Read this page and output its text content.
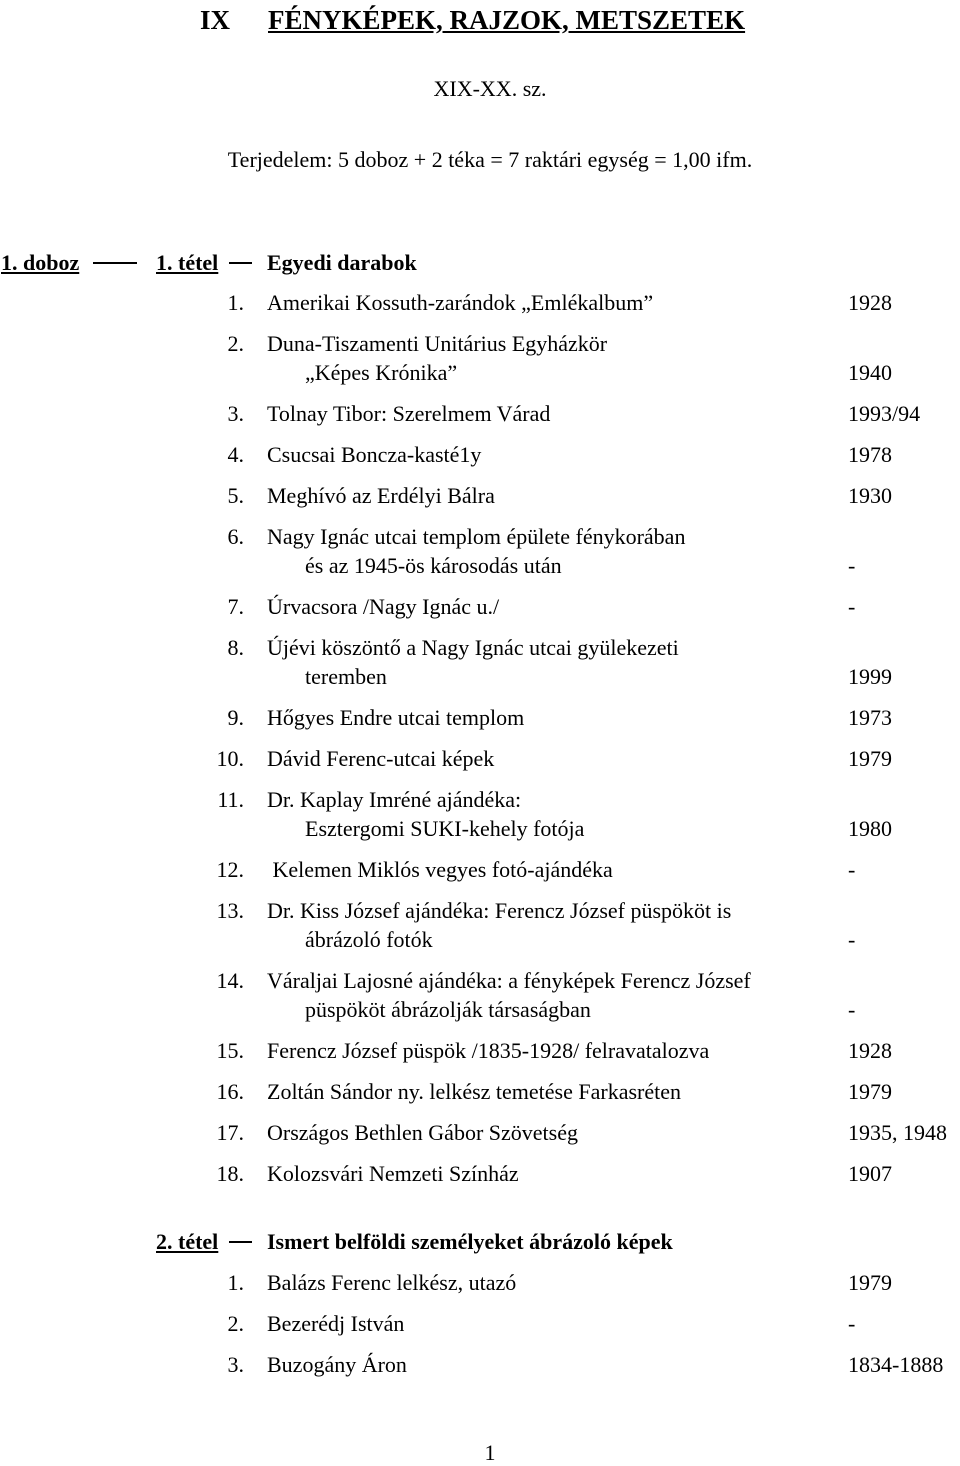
IX FÉNYKÉPEK, RAJZOK, METSZETEK
XIX-XX. sz.
Terjedelem: 5 doboz + 2 téka = 7 raktári egység = 1,00 ifm.
1. doboz	1. tétel Egyedi darabok
1. Amerikai Kossuth-zarándok „Emlékalbum”	1928
2. Duna-Tiszamenti Unitárius Egyházkör
„Képes Krónika”	1940
3. Tolnay Tibor: Szerelmem Várad	1993/94
4. Csucsai Boncza-kasté1y	1978
5. Meghívó az Erdélyi Bálra	1930
6. Nagy Ignác utcai templom épülete fénykorában
és az 1945-ös károsodás után	-
7. Úrvacsora /Nagy Ignác u./	-
8. Újévi köszöntő a Nagy Ignác utcai gyülekezeti
teremben	1999
9. Hőgyes Endre utcai templom	1973
10. Dávid Ferenc-utcai képek	1979
11. Dr. Kaplay Imréné ajándéka:
Esztergomi SUKI-kehely fotója	1980
12. Kelemen Miklós vegyes fotó-ajándéka	-
13. Dr. Kiss József ajándéka: Ferencz József püspököt is
ábrázoló fotók	-
14. Váraljai Lajosné ajándéka: a fényképek Ferencz József
püspököt ábrázolják társaságban	-
15. Ferencz József püspök /1835-1928/ felravatalozva	1928
16. Zoltán Sándor ny. lelkész temetése Farkasréten	1979
17. Országos Bethlen Gábor Szövetség	1935, 1948
18. Kolozsvári Nemzeti Színház	1907
2. tétel Ismert belföldi személyeket ábrázoló képek
1. Balázs Ferenc lelkész, utazó	1979
2. Bezerédj István	-
3. Buzogány Áron	1834-1888
1
